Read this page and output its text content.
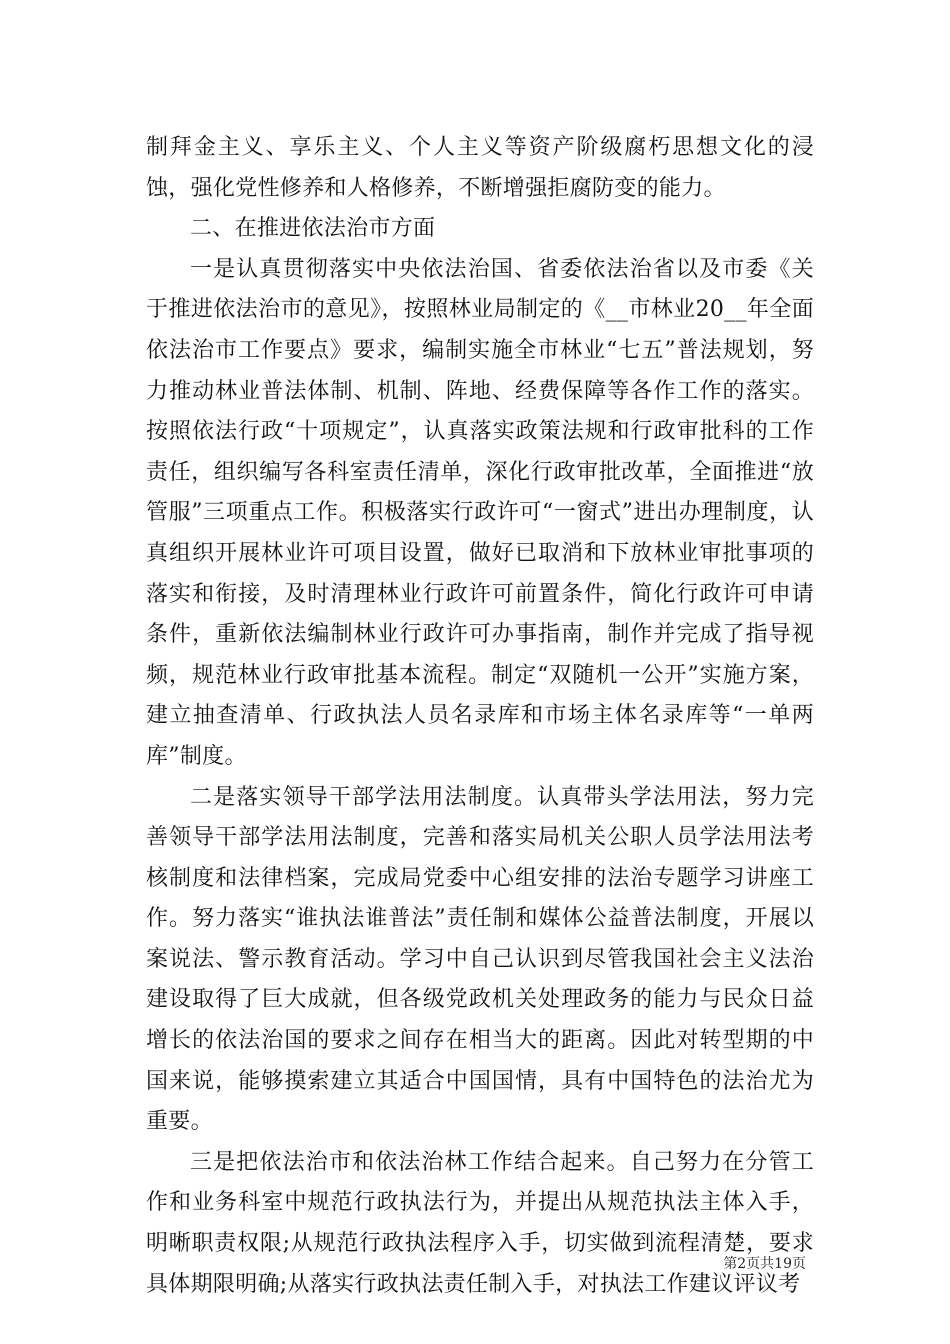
制拜金主义、享乐主义、个人主义等资产阶级腐朽思想文化的浸蚀，强化党性修养和人格修养，不断增强拒腐防变的能力。

二、在推进依法治市方面

一是认真贯彻落实中央依法治国、省委依法治省以及市委《关于推进依法治市的意见》，按照林业局制定的《__市林业20__年全面依法治市工作要点》要求，编制实施全市林业“七五”普法规划，努力推动林业普法体制、机制、阵地、经费保障等各作工作的落实。按照依法行政“十项规定”，认真落实政策法规和行政审批科的工作责任，组织编写各科室责任清单，深化行政审批改革，全面推进“放管服”三项重点工作。积极落实行政许可“一窗式”进出办理制度，认真组织开展林业许可项目设置，做好已取消和下放林业审批事项的落实和衔接，及时清理林业行政许可前置条件，简化行政许可申请条件，重新依法编制林业行政许可办事指南，制作并完成了指导视频，规范林业行政审批基本流程。制定“双随机一公开”实施方案，建立抽查清单、行政执法人员名录库和市场主体名录库等“一单两库”制度。

二是落实领导干部学法用法制度。认真带头学法用法，努力完善领导干部学法用法制度，完善和落实局机关公职人员学法用法考核制度和法律档案，完成局党委中心组安排的法治专题学习讲座工作。努力落实“谁执法谁普法”责任制和媒体公益普法制度，开展以案说法、警示教育活动。学习中自己认识到尽管我国社会主义法治建设取得了巨大成就，但各级党政机关处理政务的能力与民众日益增长的依法治国的要求之间存在相当大的距离。因此对转型期的中国来说，能够摸索建立其适合中国国情，具有中国特色的法治尤为重要。

三是把依法治市和依法治林工作结合起来。自己努力在分管工作和业务科室中规范行政执法行为，并提出从规范执法主体入手，明晰职责权限;从规范行政执法程序入手，切实做到流程清楚，要求具体期限明确;从落实行政执法责任制入手，对执法工作建议评议考

第2页共19页
